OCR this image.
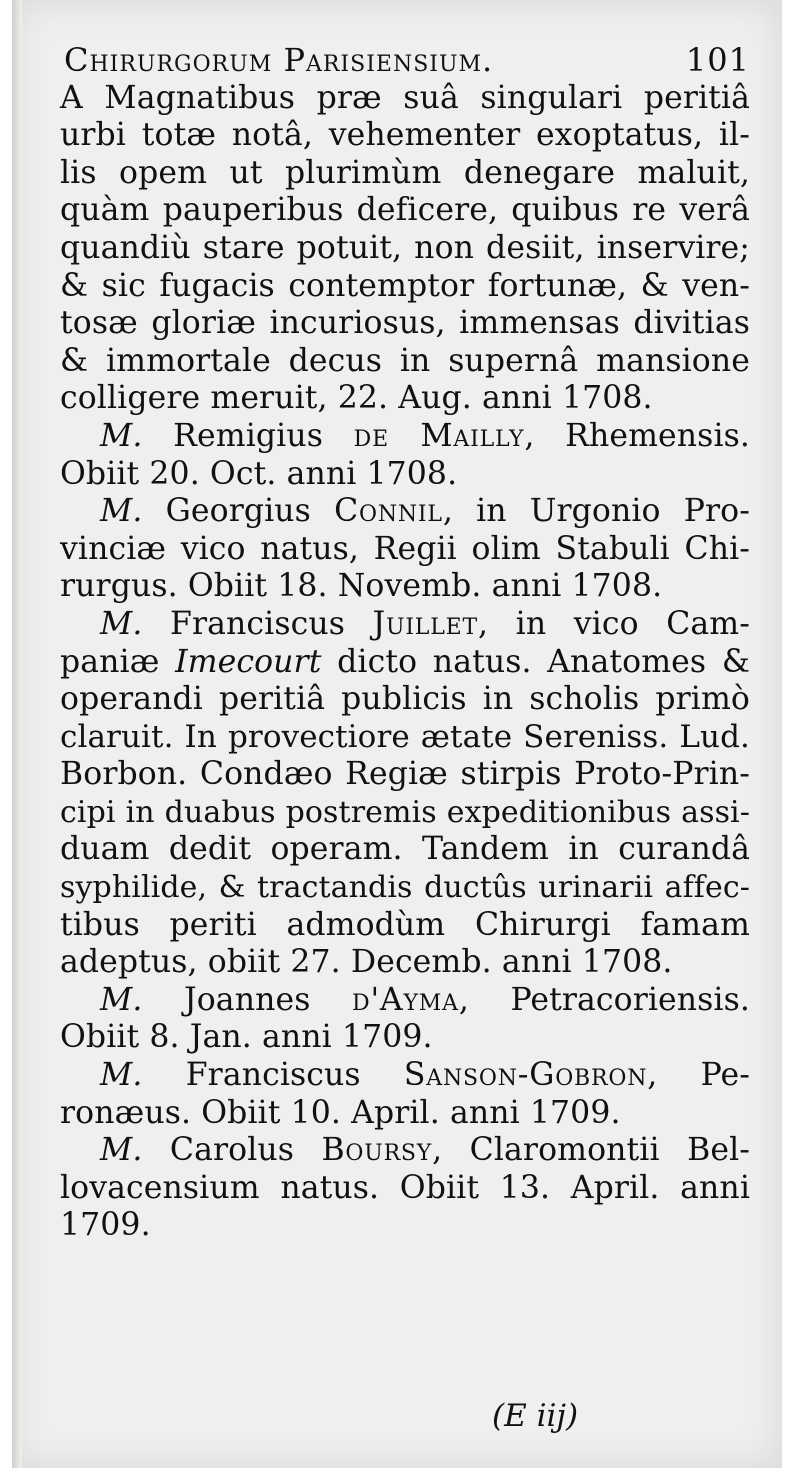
Chirurgorum Parisiensium.	101
A Magnatibus præ suâ singulari peritiâ
urbi totæ notâ, vehementer exoptatus, il-
lis opem ut plurimùm denegare maluit,
quàm pauperibus deficere, quibus re verâ
quandiù stare potuit, non desiit, inservire;
& sic fugacis contemptor fortunæ, & ven-
tosæ gloriæ incuriosus, immensas divitias
& immortale decus in supernâ mansione
colligere meruit, 22. Aug. anni 1708.
M. Remigius de Mailly, Rhemensis.
Obiit 20. Oct. anni 1708.
M. Georgius Connil, in Urgonio Pro-
vinciæ vico natus, Regii olim Stabuli Chi-
rurgus. Obiit 18. Novemb. anni 1708.
M. Franciscus Juillet, in vico Cam-
paniæ Imecourt dicto natus. Anatomes &
operandi peritiâ publicis in scholis primò
claruit. In provectiore ætate Sereniss. Lud.
Borbon. Condæo Regiæ stirpis Proto-Prin-
cipi in duabus postremis expeditionibus assi-
duam dedit operam. Tandem in curandâ
syphilide, & tractandis ductûs urinarii affec-
tibus periti admodùm Chirurgi famam
adeptus, obiit 27. Decemb. anni 1708.
M. Joannes d'Ayma, Petracoriensis.
Obiit 8. Jan. anni 1709.
M. Franciscus Sanson-Gobron, Pe-
ronæus. Obiit 10. April. anni 1709.
M. Carolus Boursy, Claromontii Bel-
lovacensium natus. Obiit 13. April. anni
1709.
(E iij)
